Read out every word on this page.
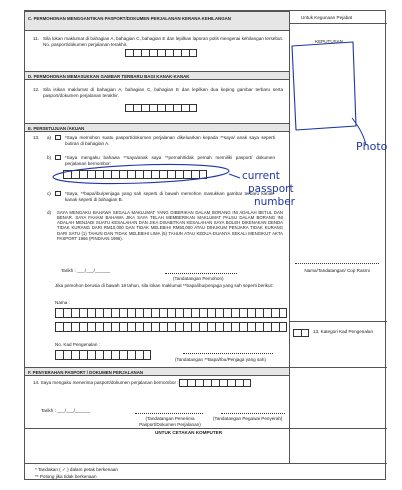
Untuk Kegunaan Pejabat
KEPUTUSAN
C. PERMOHONAN MENGGANTIKAN PASPORT/DOKUMEN PERJALANAN KERANA KEHILANGAN
11. Sila lokan maklumat di bahagian A, bahagian C, bahagian E dan lepilkan laporan polis mengenai kehilangan tersebut. No. pasport/dokumen perjalanan terakhir.
D. PERMOHONAN MEMASUKKAN GAMBAR TERBARU BAGI KANAK-KANAK
12. Sila isikan maklumat di bahagian A, bahagian C, bahagian E dan lepilkan dua keping gambar terbaru serta pasport/dokumen perjalanan terakhir.
E. PERSETUJUAN /AKUAN
13. a)	*Saya memohon suatu pasport/dokumen perjalanan dikeluarkan kepada **saya/ anak saya seperti butiran di bahagian A.
b)	*Saya mengaku bahawa **saya/anak saya **pernah/tidak pernah memiliki pasport/ dokumen perjalanan bernombor:
c)	*Saya, **bapa/ibu/penjaga yang sah seperti di bawah memohon masukkan gambar terbaru kanak-kanak seperti di bahagian B.
d) SAYA MENGAKU BAHAWA SEGALA MAKLUMAT YANG DIBERIKAN DALAM BORANG INI ADALAH BETUL DAN BENAR. SAYA FAHAM BAHAWA JIKA SAYA TELAH MEMBERIKAN MAKLUMAT PALSU DALAM BORANG INI ADALAH MENJADI SUATU KESALAHAN DAN JIKA DISABITKAN KESALAHAN SAYA BOLEH DIKENAKAN DENDA TIDAK KURANG DARI RM10,000 DAN TIDAK MELEBIHI RM50,000 ATAU DIHUKUM PENJARA TIDAK KURANG DARI SATU (1) TAHUN DAN TIDAK MELEBIHI LIMA (5) TAHUN ATAU KEDUA-DUANYA SEKALI MENGIKUT AKTA PASPORT 1966 (PINDAAN 1996).
Tarikh : ___/___/______
(Tandatangan Pemohon)
Jika pemohon berusia di bawah 18 tahun, sila lokan maklumat **bapa/ibu/penjaga yang sah seperti berikut:
Nama :
No. Kad Pengenalan :
(Tandatangan **Bapa/Ibu/Penjaga yang sah)
Nama/Tandatangan/ Cop Rasmi
13. Kategori Kad Pengenalan
F. PENYERAHAN PASPORT / DOKUMEN PERJALANAN
14. Saya mengaku menerima pasport/dokumen perjalanan bernombor :
Tarikh : ___/___/______
(Tandatangan Penerima Pasport/Dokumen Perjalanan)
(Tandatangan Pegawai Penyerah)
UNTUK CETAKAN KOMPUTER
* Tandakan ( ✓ ) dalam petak berkenaan
** Potong jika tidak berkenaan
Photo
current
passport
number
